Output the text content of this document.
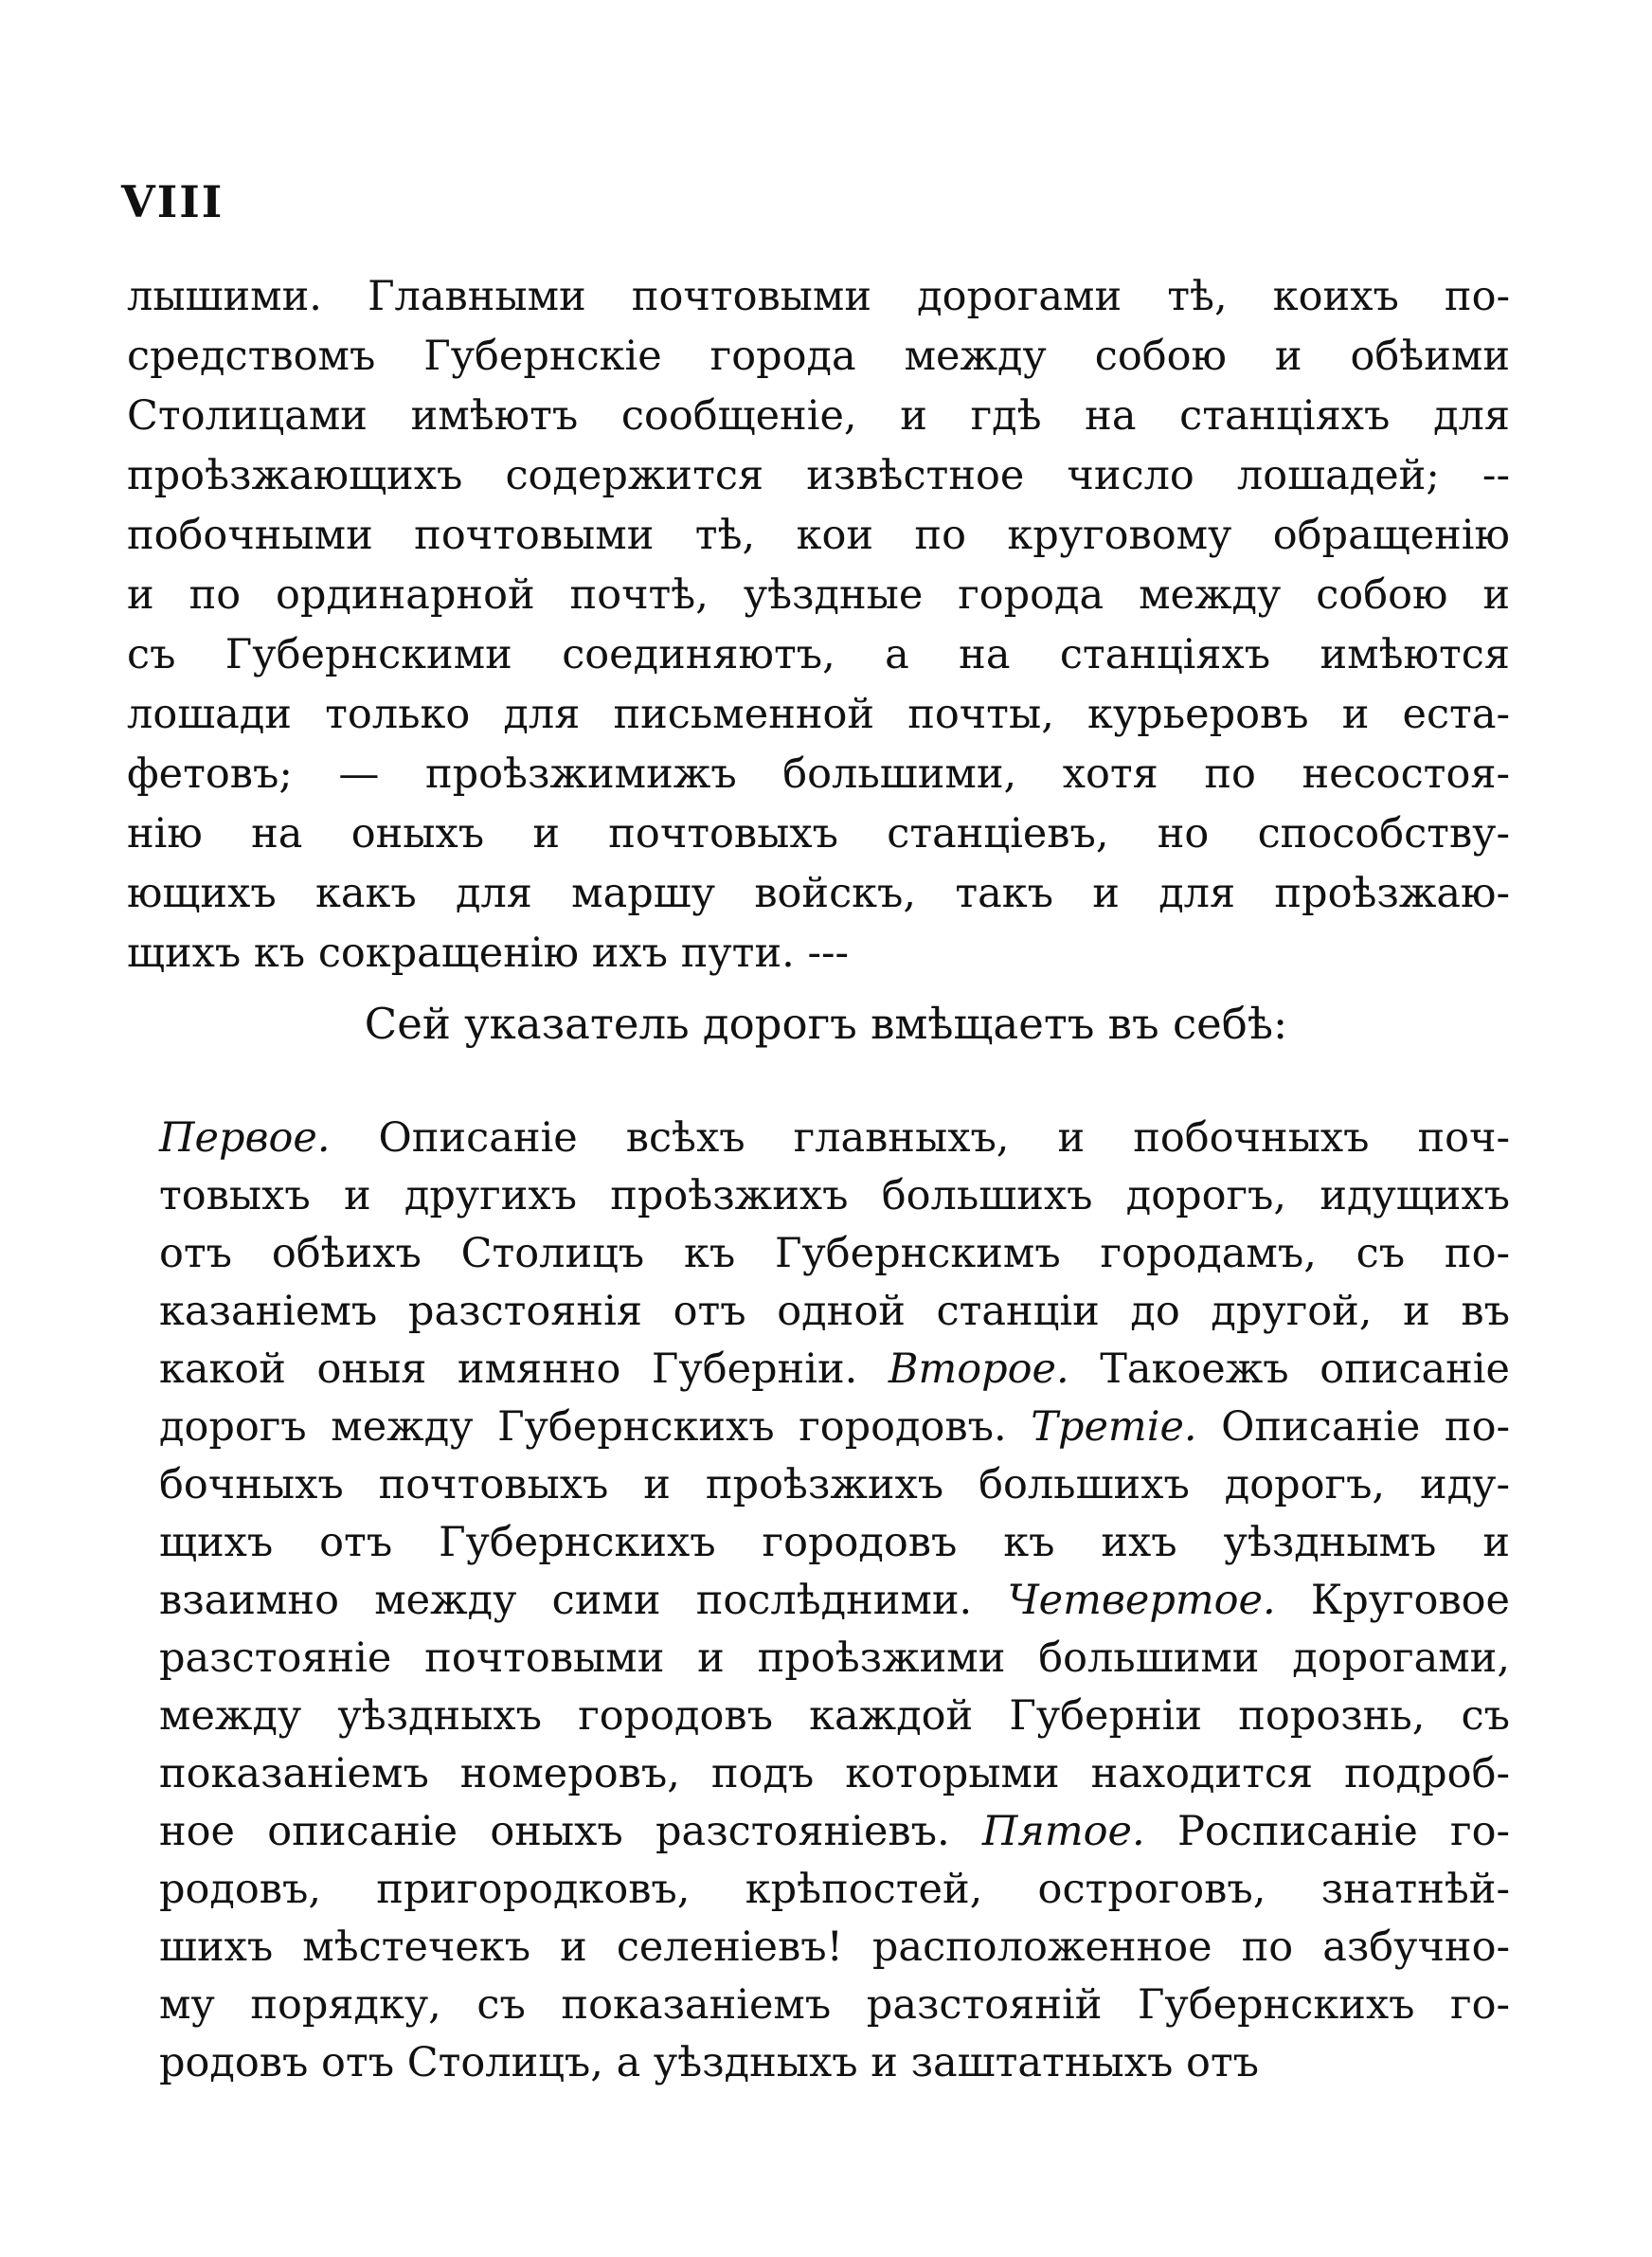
VIII
лышими. Главными почтовыми дорогами тѣ, коихъ по-
средствомъ Губернскіе города между собою и обѣими
Столицами имѣютъ сообщеніе, и гдѣ на станціяхъ для
проѣзжающихъ содержится извѣстное число лошадей; --
побочными почтовыми тѣ, кои по круговому обращенію
и по ординарной почтѣ, уѣздные города между собою и
съ Губернскими соединяютъ, а на станціяхъ имѣются
лошади только для письменной почты, курьеровъ и еста-
фетовъ; — проѣзжимижъ большими, хотя по несостоя-
нію на оныхъ и почтовыхъ станціевъ, но способству-
ющихъ какъ для маршу войскъ, такъ и для проѣзжаю-
щихъ къ сокращенію ихъ пути. ---
Сей указатель дорогъ вмѣщаетъ въ себѣ:
Первое. Описаніе всѣхъ главныхъ, и побочныхъ поч-
товыхъ и другихъ проѣзжихъ большихъ дорогъ, идущихъ
отъ обѣихъ Столицъ къ Губернскимъ городамъ, съ по-
казаніемъ разстоянія отъ одной станціи до другой, и въ
какой оныя имянно Губерніи. Второе. Такоежъ описаніе
дорогъ между Губернскихъ городовъ. Третіе. Описаніе по-
бочныхъ почтовыхъ и проѣзжихъ большихъ дорогъ, иду-
щихъ отъ Губернскихъ городовъ къ ихъ уѣзднымъ и
взаимно между сими послѣдними. Четвертое. Круговое
разстояніе почтовыми и проѣзжими большими дорогами,
между уѣздныхъ городовъ каждой Губерніи порознь, съ
показаніемъ номеровъ, подъ которыми находится подроб-
ное описаніе оныхъ разстояніевъ. Пятое. Росписаніе го-
родовъ, пригородковъ, крѣпостей, остроговъ, знатнѣй-
шихъ мѣстечекъ и селеніевъ! расположенное по азбучно-
му порядку, съ показаніемъ разстояній Губернскихъ го-
родовъ отъ Столицъ, а уѣздныхъ и заштатныхъ отъ
